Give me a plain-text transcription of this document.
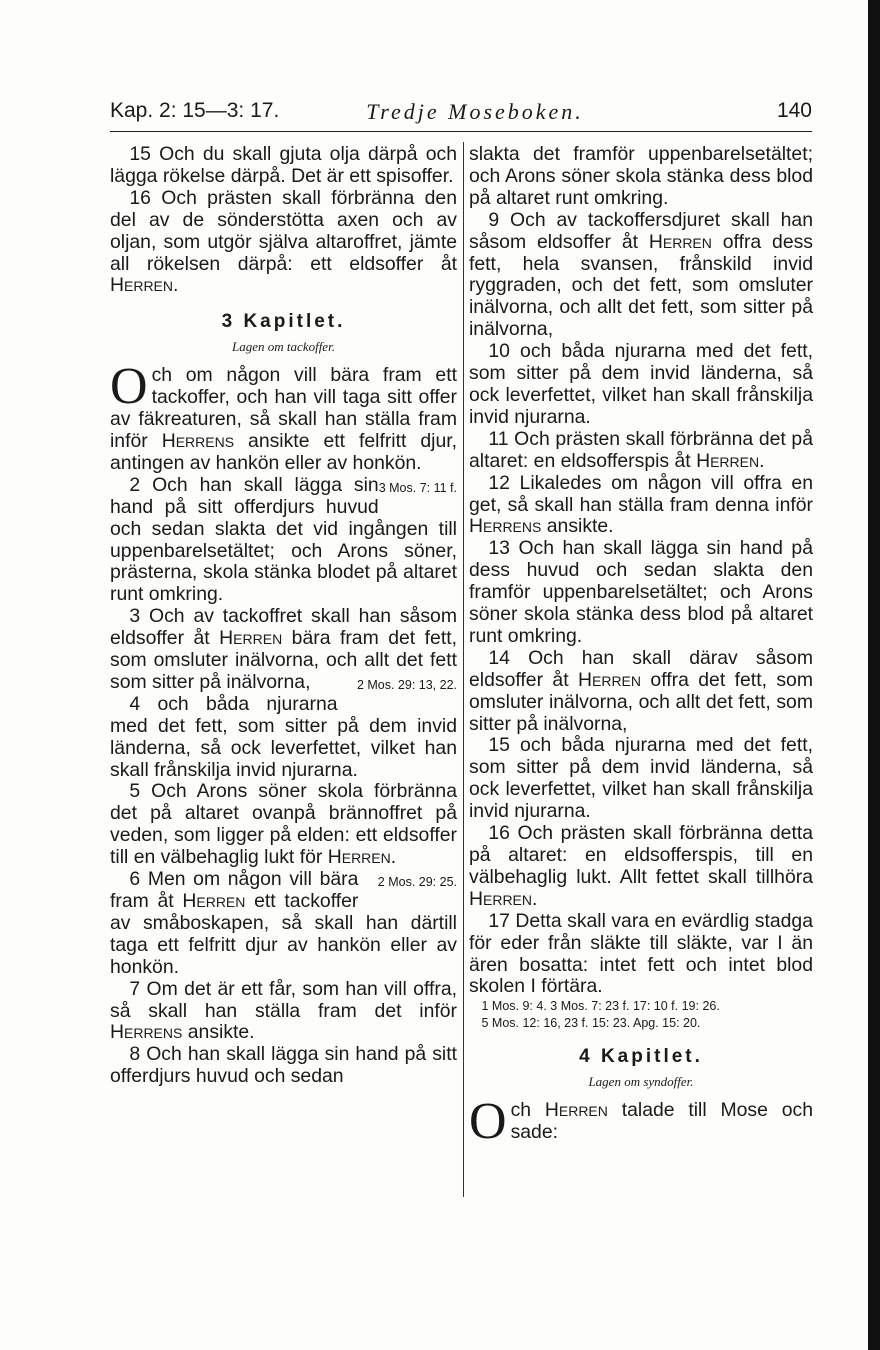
Kap. 2: 15—3: 17.	Tredje Moseboken.	140

15 Och du skall gjuta olja därpå och lägga rökelse därpå. Det är ett spisoffer.

16 Och prästen skall förbränna den del av de sönderstötta axen och av oljan, som utgör själva altaroffret, jämte all rökelsen därpå: ett eldsoffer åt Herren.

3 Kapitlet.
Lagen om tackoffer.

Och om någon vill bära fram ett tackoffer, och han vill taga sitt offer av fäkreaturen, så skall han ställa fram inför Herrens ansikte ett felfritt djur, antingen av hankön eller av honkön.
3 Mos. 7: 11 f.

2 Och han skall lägga sin hand på sitt offerdjurs huvud och sedan slakta det vid ingången till uppenbarelsetältet; och Arons söner, prästerna, skola stänka blodet på altaret runt omkring.

3 Och av tackoffret skall han såsom eldsoffer åt Herren bära fram det fett, som omsluter inälvorna, och allt det fett som sitter på inälvorna,	2 Mos. 29: 13, 22.

4 och båda njurarna med det fett, som sitter på dem invid länderna, så ock leverfettet, vilket han skall frånskilja invid njurarna.

5 Och Arons söner skola förbränna det på altaret ovanpå brännoffret på veden, som ligger på elden: ett eldsoffer till en välbehaglig lukt för Herren.
2 Mos. 29: 25.

6 Men om någon vill bära fram åt Herren ett tackoffer av småboskapen, så skall han därtill taga ett felfritt djur av hankön eller av honkön.

7 Om det är ett får, som han vill offra, så skall han ställa fram det inför Herrens ansikte.

8 Och han skall lägga sin hand på sitt offerdjurs huvud och sedan

slakta det framför uppenbarelsetältet; och Arons söner skola stänka dess blod på altaret runt omkring.

9 Och av tackoffersdjuret skall han såsom eldsoffer åt Herren offra dess fett, hela svansen, frånskild invid ryggraden, och det fett, som omsluter inälvorna, och allt det fett, som sitter på inälvorna,

10 och båda njurarna med det fett, som sitter på dem invid länderna, så ock leverfettet, vilket han skall frånskilja invid njurarna.

11 Och prästen skall förbränna det på altaret: en eldsofferspis åt Herren.

12 Likaledes om någon vill offra en get, så skall han ställa fram denna inför Herrens ansikte.

13 Och han skall lägga sin hand på dess huvud och sedan slakta den framför uppenbarelsetältet; och Arons söner skola stänka dess blod på altaret runt omkring.

14 Och han skall därav såsom eldsoffer åt Herren offra det fett, som omsluter inälvorna, och allt det fett, som sitter på inälvorna,

15 och båda njurarna med det fett, som sitter på dem invid länderna, så ock leverfettet, vilket han skall frånskilja invid njurarna.

16 Och prästen skall förbränna detta på altaret: en eldsofferspis, till en välbehaglig lukt. Allt fettet skall tillhöra Herren.

17 Detta skall vara en evärdlig stadga för eder från släkte till släkte, var I än ären bosatta: intet fett och intet blod skolen I förtära.

1 Mos. 9: 4. 3 Mos. 7: 23 f. 17: 10 f. 19: 26.

5 Mos. 12: 16, 23 f. 15: 23. Apg. 15: 20.

4 Kapitlet.
Lagen om syndoffer.

Och Herren talade till Mose och sade:
